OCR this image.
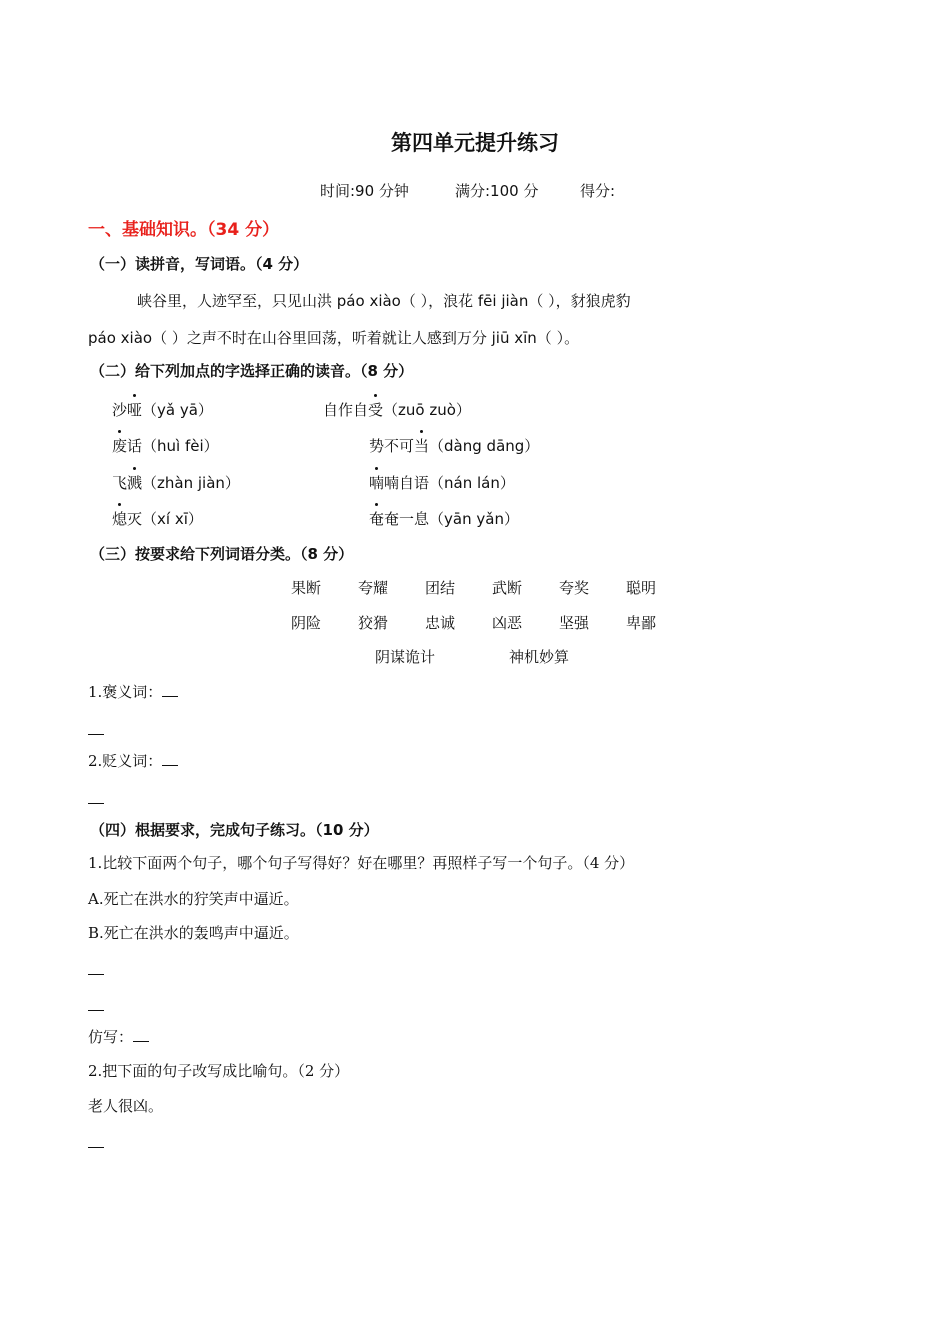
第四单元提升练习
时间:90 分钟	满分:100 分	得分:
一、基础知识。（34 分）
（一）读拼音，写词语。（4 分）
峡谷里，人迹罕至，只见山洪 páo xiào（ ），浪花 fēi jiàn（ ），豺狼虎豹
páo xiào（ ）之声不时在山谷里回荡，听着就让人感到万分 jiū xīn（ ）。
（二）给下列加点的字选择正确的读音。（8 分）
沙哑（yǎ yā）	自作自受（zuō zuò）
废话（huì fèi）	势不可当（dàng dāng）
飞溅（zhàn jiàn）	喃喃自语（nán lán）
熄灭（xí xī）	奄奄一息（yān yǎn）
（三）按要求给下列词语分类。（8 分）
果断 夸耀 团结 武断 夸奖 聪明
阴险 狡猾 忠诚 凶恶 坚强 卑鄙
阴谋诡计	神机妙算
1.褒义词：
2.贬义词：
（四）根据要求，完成句子练习。（10 分）
1.比较下面两个句子，哪个句子写得好？好在哪里？再照样子写一个句子。（4 分）
A.死亡在洪水的狞笑声中逼近。
B.死亡在洪水的轰鸣声中逼近。
仿写：
2.把下面的句子改写成比喻句。（2 分）
老人很凶。
